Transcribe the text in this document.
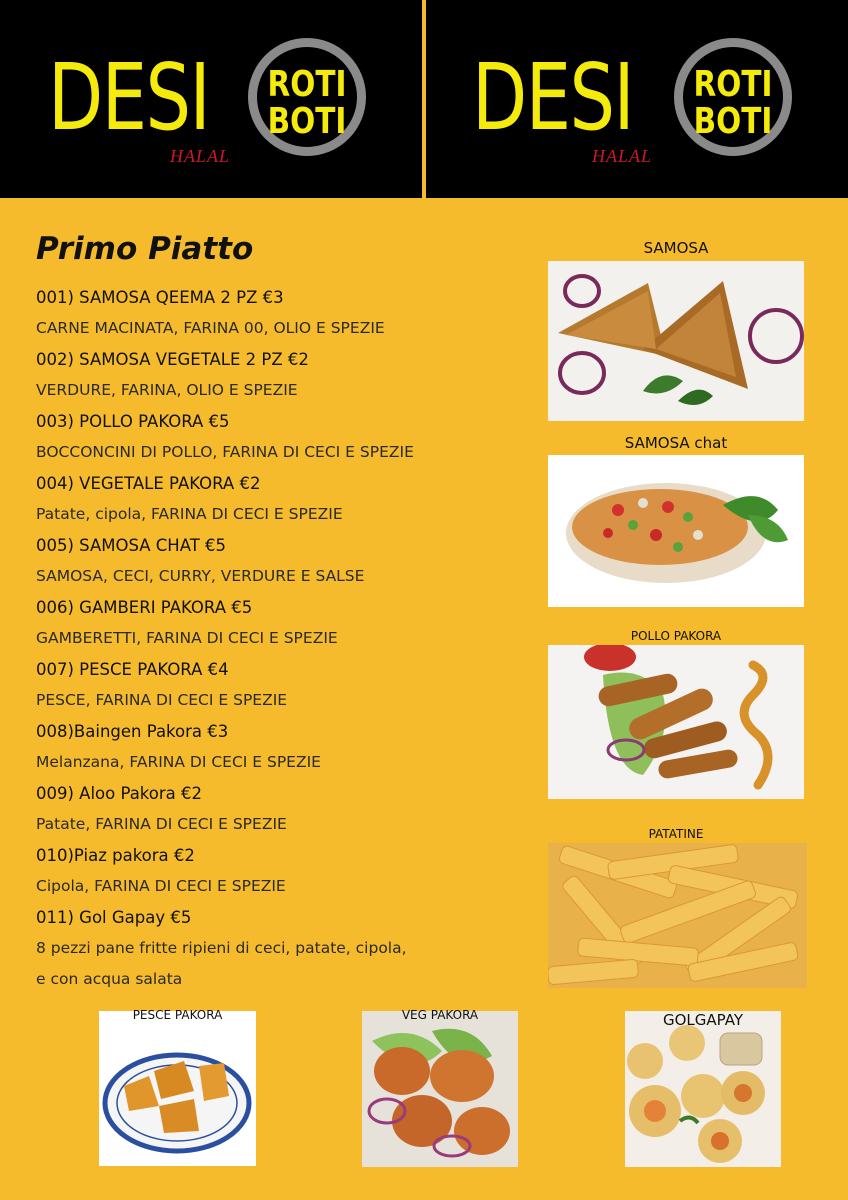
DESI
HALAL
ROTI
BOTI DESI
HALAL
ROTI
BOTI
Primo Piatto
001) SAMOSA QEEMA 2 PZ €3
CARNE MACINATA, FARINA 00, OLIO E SPEZIE
002) SAMOSA VEGETALE 2 PZ €2
VERDURE, FARINA, OLIO E SPEZIE
003) POLLO PAKORA €5
BOCCONCINI DI POLLO, FARINA DI CECI E SPEZIE
004) VEGETALE PAKORA €2
Patate, cipola, FARINA DI CECI E SPEZIE
005) SAMOSA CHAT €5
SAMOSA, CECI, CURRY, VERDURE E SALSE
006) GAMBERI PAKORA €5
GAMBERETTI, FARINA DI CECI E SPEZIE
007) PESCE PAKORA €4
PESCE, FARINA DI CECI E SPEZIE
008)Baingen Pakora €3
Melanzana, FARINA DI CECI E SPEZIE
009) Aloo Pakora €2
Patate, FARINA DI CECI E SPEZIE
010)Piaz pakora €2
Cipola, FARINA DI CECI E SPEZIE
011) Gol Gapay €5
8 pezzi pane fritte ripieni di ceci, patate, cipola,
e con acqua salata
SAMOSA
SAMOSA chat
POLLO PAKORA
PATATINE
PESCE PAKORA	VEG PAKORA	GOLGAPAY
